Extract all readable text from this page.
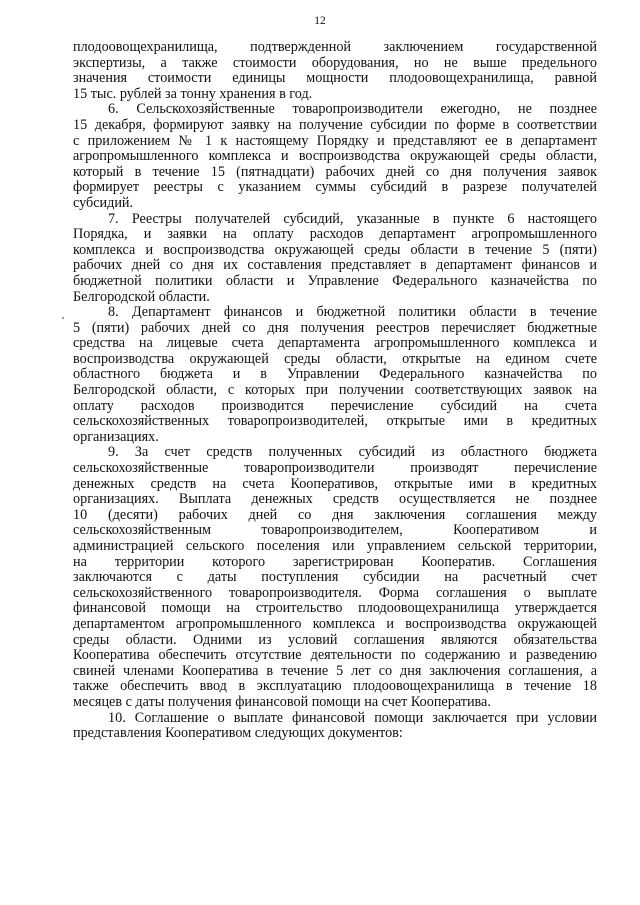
12
плодоовощехранилища, подтвержденной заключением государственной
экспертизы, а также стоимости оборудования, но не выше предельного
значения стоимости единицы мощности плодоовощехранилища, равной
15 тыс. рублей за тонну хранения в год.
6. Сельскохозяйственные товаропроизводители ежегодно, не позднее
15 декабря, формируют заявку на получение субсидии по форме в соответствии
с приложением № 1 к настоящему Порядку и представляют ее в департамент
агропромышленного комплекса и воспроизводства окружающей среды области,
который в течение 15 (пятнадцати) рабочих дней со дня получения заявок
формирует реестры с указанием суммы субсидий в разрезе получателей
субсидий.
7. Реестры получателей субсидий, указанные в пункте 6 настоящего
Порядка, и заявки на оплату расходов департамент агропромышленного
комплекса и воспроизводства окружающей среды области в течение 5 (пяти)
рабочих дней со дня их составления представляет в департамент финансов и
бюджетной политики области и Управление Федерального казначейства по
Белгородской области.
8. Департамент финансов и бюджетной политики области в течение
5 (пяти) рабочих дней со дня получения реестров перечисляет бюджетные
средства на лицевые счета департамента агропромышленного комплекса и
воспроизводства окружающей среды области, открытые на едином счете
областного бюджета и в Управлении Федерального казначейства по
Белгородской области, с которых при получении соответствующих заявок на
оплату расходов производится перечисление субсидий на счета
сельскохозяйственных товаропроизводителей, открытые ими в кредитных
организациях.
9. За счет средств полученных субсидий из областного бюджета
сельскохозяйственные товаропроизводители производят перечисление
денежных средств на счета Кооперативов, открытые ими в кредитных
организациях. Выплата денежных средств осуществляется не позднее
10 (десяти) рабочих дней со дня заключения соглашения между
сельскохозяйственным товаропроизводителем, Кооперативом и
администрацией сельского поселения или управлением сельской территории,
на территории которого зарегистрирован Кооператив. Соглашения
заключаются с даты поступления субсидии на расчетный счет
сельскохозяйственного товаропроизводителя. Форма соглашения о выплате
финансовой помощи на строительство плодоовощехранилища утверждается
департаментом агропромышленного комплекса и воспроизводства окружающей
среды области. Одними из условий соглашения являются обязательства
Кооператива обеспечить отсутствие деятельности по содержанию и разведению
свиней членами Кооператива в течение 5 лет со дня заключения соглашения, а
также обеспечить ввод в эксплуатацию плодоовощехранилища в течение 18
месяцев с даты получения финансовой помощи на счет Кооператива.
10. Соглашение о выплате финансовой помощи заключается при условии
представления Кооперативом следующих документов:
